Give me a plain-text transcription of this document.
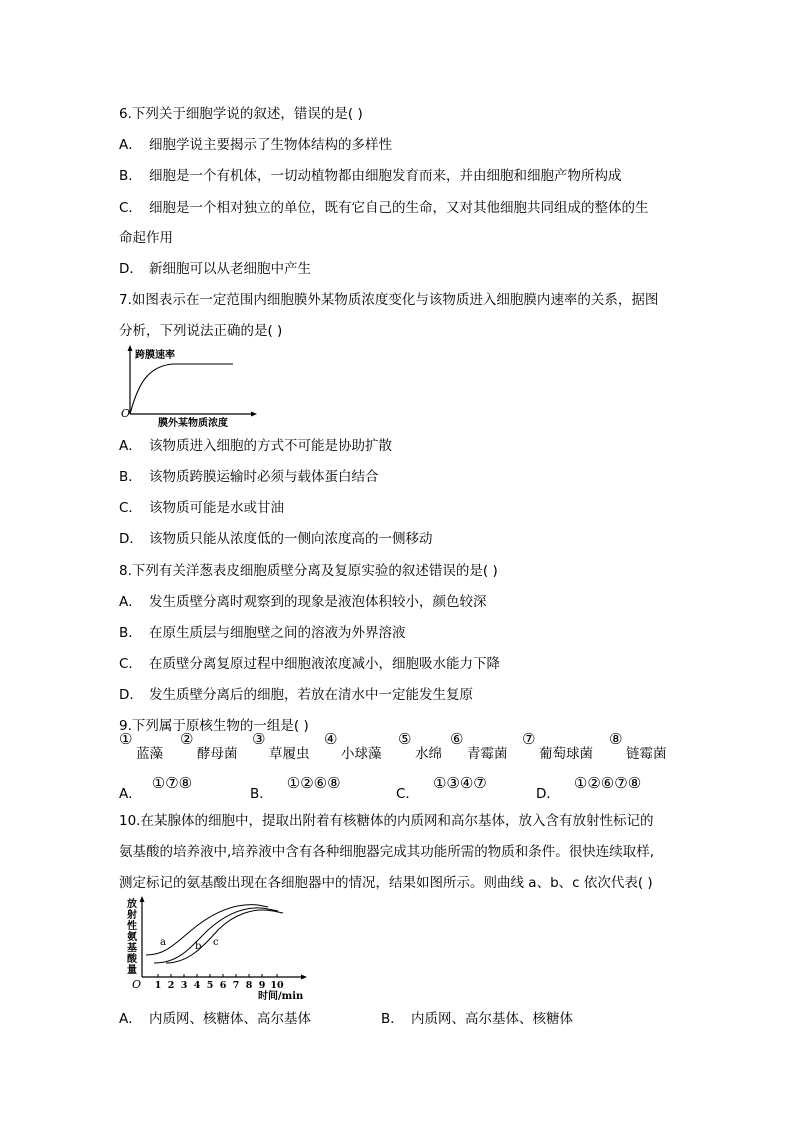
6.下列关于细胞学说的叙述，错误的是( )
A． 细胞学说主要揭示了生物体结构的多样性
B． 细胞是一个有机体，一切动植物都由细胞发育而来，并由细胞和细胞产物所构成
C． 细胞是一个相对独立的单位，既有它自己的生命，又对其他细胞共同组成的整体的生
命起作用
D． 新细胞可以从老细胞中产生
7.如图表示在一定范围内细胞膜外某物质浓度变化与该物质进入细胞膜内速率的关系，据图
分析，下列说法正确的是( )
跨膜速率
O
膜外某物质浓度
A． 该物质进入细胞的方式不可能是协助扩散
B． 该物质跨膜运输时必须与载体蛋白结合
C． 该物质可能是水或甘油
D． 该物质只能从浓度低的一侧向浓度高的一侧移动
8.下列有关洋葱表皮细胞质壁分离及复原实验的叙述错误的是( )
A． 发生质壁分离时观察到的现象是液泡体积较小，颜色较深
B． 在原生质层与细胞壁之间的溶液为外界溶液
C． 在质壁分离复原过程中细胞液浓度减小，细胞吸水能力下降
D． 发生质壁分离后的细胞，若放在清水中一定能发生复原
9.下列属于原核生物的一组是( )
①
蓝藻
②
酵母菌
③
草履虫
④
小球藻
⑤
水绵
⑥
青霉菌
⑦
葡萄球菌
⑧
链霉菌
A．①⑦⑧
B．①②⑥⑧
C．①③④⑦
D．①②⑥⑦⑧
10.在某腺体的细胞中，提取出附着有核糖体的内质网和高尔基体，放入含有放射性标记的
氨基酸的培养液中,培养液中含有各种细胞器完成其功能所需的物质和条件。很快连续取样,
测定标记的氨基酸出现在各细胞器中的情况，结果如图所示。则曲线 a、b、c 依次代表( )
放
射
性
氨
基
酸
量
1 2 3 4 5 6 7 8 9 10
O
时间/min
a	b c
A． 内质网、核糖体、高尔基体	B． 内质网、高尔基体、核糖体
